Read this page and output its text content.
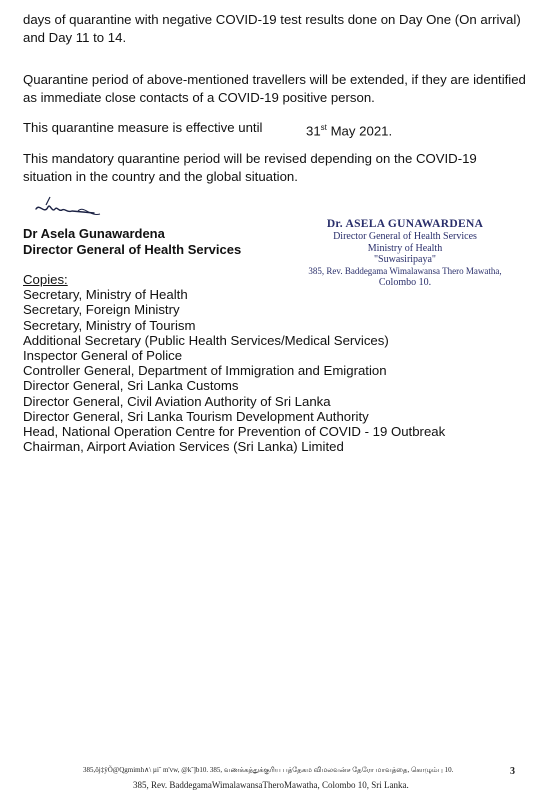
days of quarantine with negative COVID-19 test results done on Day One (On arrival) and Day 11 to 14.

Quarantine period of above-mentioned travellers will be extended, if they are identified as immediate close contacts of a COVID-19 positive person.

This quarantine measure is effective until	31st May 2021.

This mandatory quarantine period will be revised depending on the COVID-19 situation in the country and the global situation.

Dr Asela Gunawardena
Director General of Health Services
Dr. ASELA GUNAWARDENA
Director General of Health Services
Ministry of Health
"Suwasiripaya"
385, Rev. Baddegama Wimalawansa Thero Mawatha,
Colombo 10.
Copies:
Secretary, Ministry of Health
Secretary, Foreign Ministry
Secretary, Ministry of Tourism
Additional Secretary (Public Health Services/Medical Services)
Inspector General of Police
Controller General, Department of Immigration and Emigration
Director General, Sri Lanka Customs
Director General, Civil Aviation Authority of Sri Lanka
Director General, Sri Lanka Tourism Development Authority
Head, National Operation Centre for Prevention of COVID - 19 Outbreak
Chairman, Airport Aviation Services (Sri Lanka) Limited
385,ôj‡ÿÕ@Qgmimh∧\ µi˝ m'vw, @k˘]b10. 385, வணக்கத்துக்குரிய பத்தேகம விமலவன்ச தேரோ மாவத்தை, கொழும்பு 10.
385, Rev. BaddegamaWimalawansaTheroMawatha, Colombo 10, Sri Lanka.
3
